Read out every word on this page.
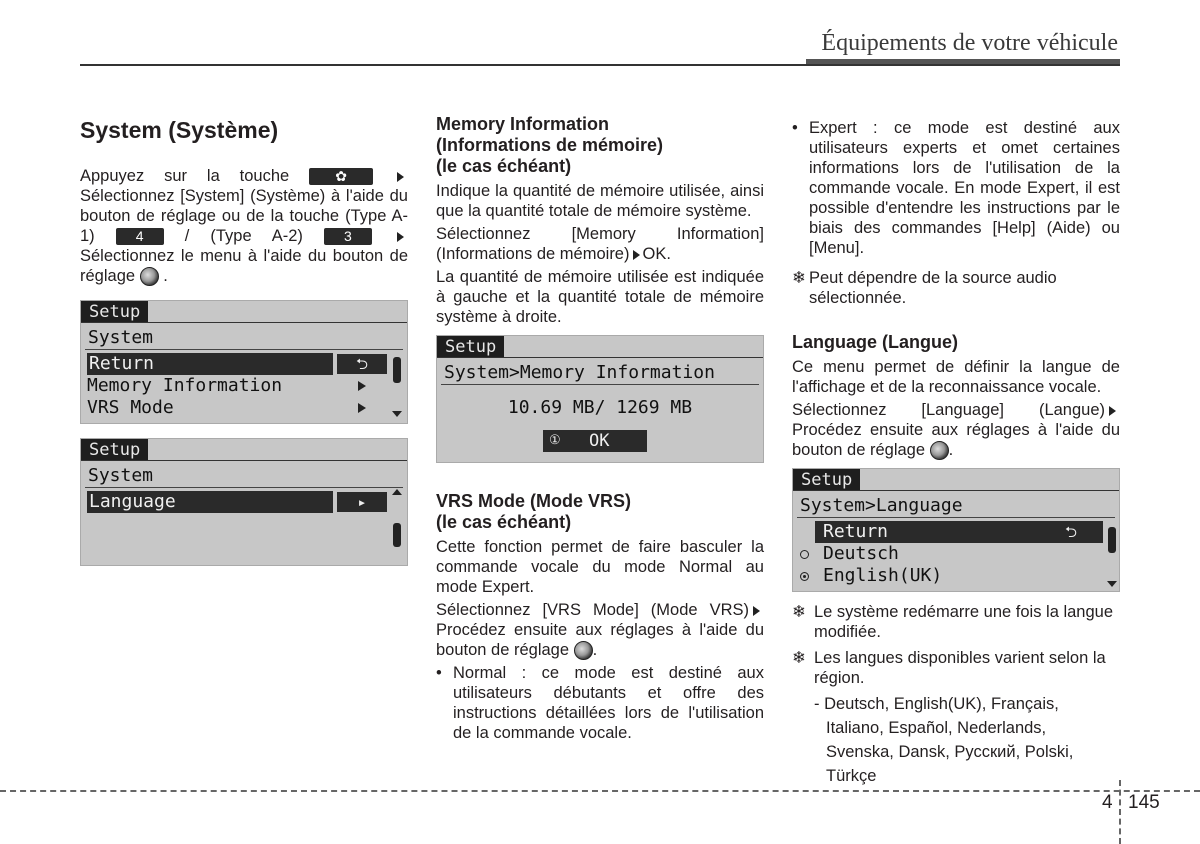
Équipements de votre véhicule
System (Système)

Appuyez sur la touche	✿  Sélectionnez [System] (Système) à l'aide du bouton de réglage ou de la touche (Type A-1)	4 / (Type A-2)	3  Sélectionnez le menu à l'aide du bouton de réglage .

Setup
System
Return	⮌
Memory Information
VRS Mode
Setup
System
Language	▸
Memory Information
(Informations de mémoire)
(le cas échéant)

Indique la quantité de mémoire utilisée, ainsi que la quantité totale de mémoire système.

Sélectionnez [Memory Information] (Informations de mémoire) OK.

La quantité de mémoire utilisée est indiquée à gauche et la quantité totale de mémoire système à droite.

Setup
System>Memory Information
10.69 MB/ 1269 MB
① OK
VRS Mode (Mode VRS)
(le cas échéant)

Cette fonction permet de faire basculer la commande vocale du mode Normal au mode Expert.

Sélectionnez [VRS Mode] (Mode VRS) Procédez ensuite aux réglages à l'aide du bouton de réglage .

• Normal : ce mode est destiné aux utilisateurs débutants et offre des instructions détaillées lors de l'utilisation de la commande vocale.
• Expert : ce mode est destiné aux utilisateurs experts et omet certaines informations lors de l'utilisation de la commande vocale. En mode Expert, il est possible d'entendre les instructions par le biais des commandes [Help] (Aide) ou [Menu].
❄ Peut dépendre de la source audio sélectionnée.
Language (Langue)

Ce menu permet de définir la langue de l'affichage et de la reconnaissance vocale.

Sélectionnez [Language] (Langue) Procédez ensuite aux réglages à l'aide du bouton de réglage .

Setup
System>Language
Return	⮌
Deutsch
English(UK)
❄ Le système redémarre une fois la langue modifiée.
❄ Les langues disponibles varient selon la région.
- Deutsch, English(UK), Français,
Italiano, Español, Nederlands,
Svenska, Dansk, Русский, Polski,
Türkçe
4 145
